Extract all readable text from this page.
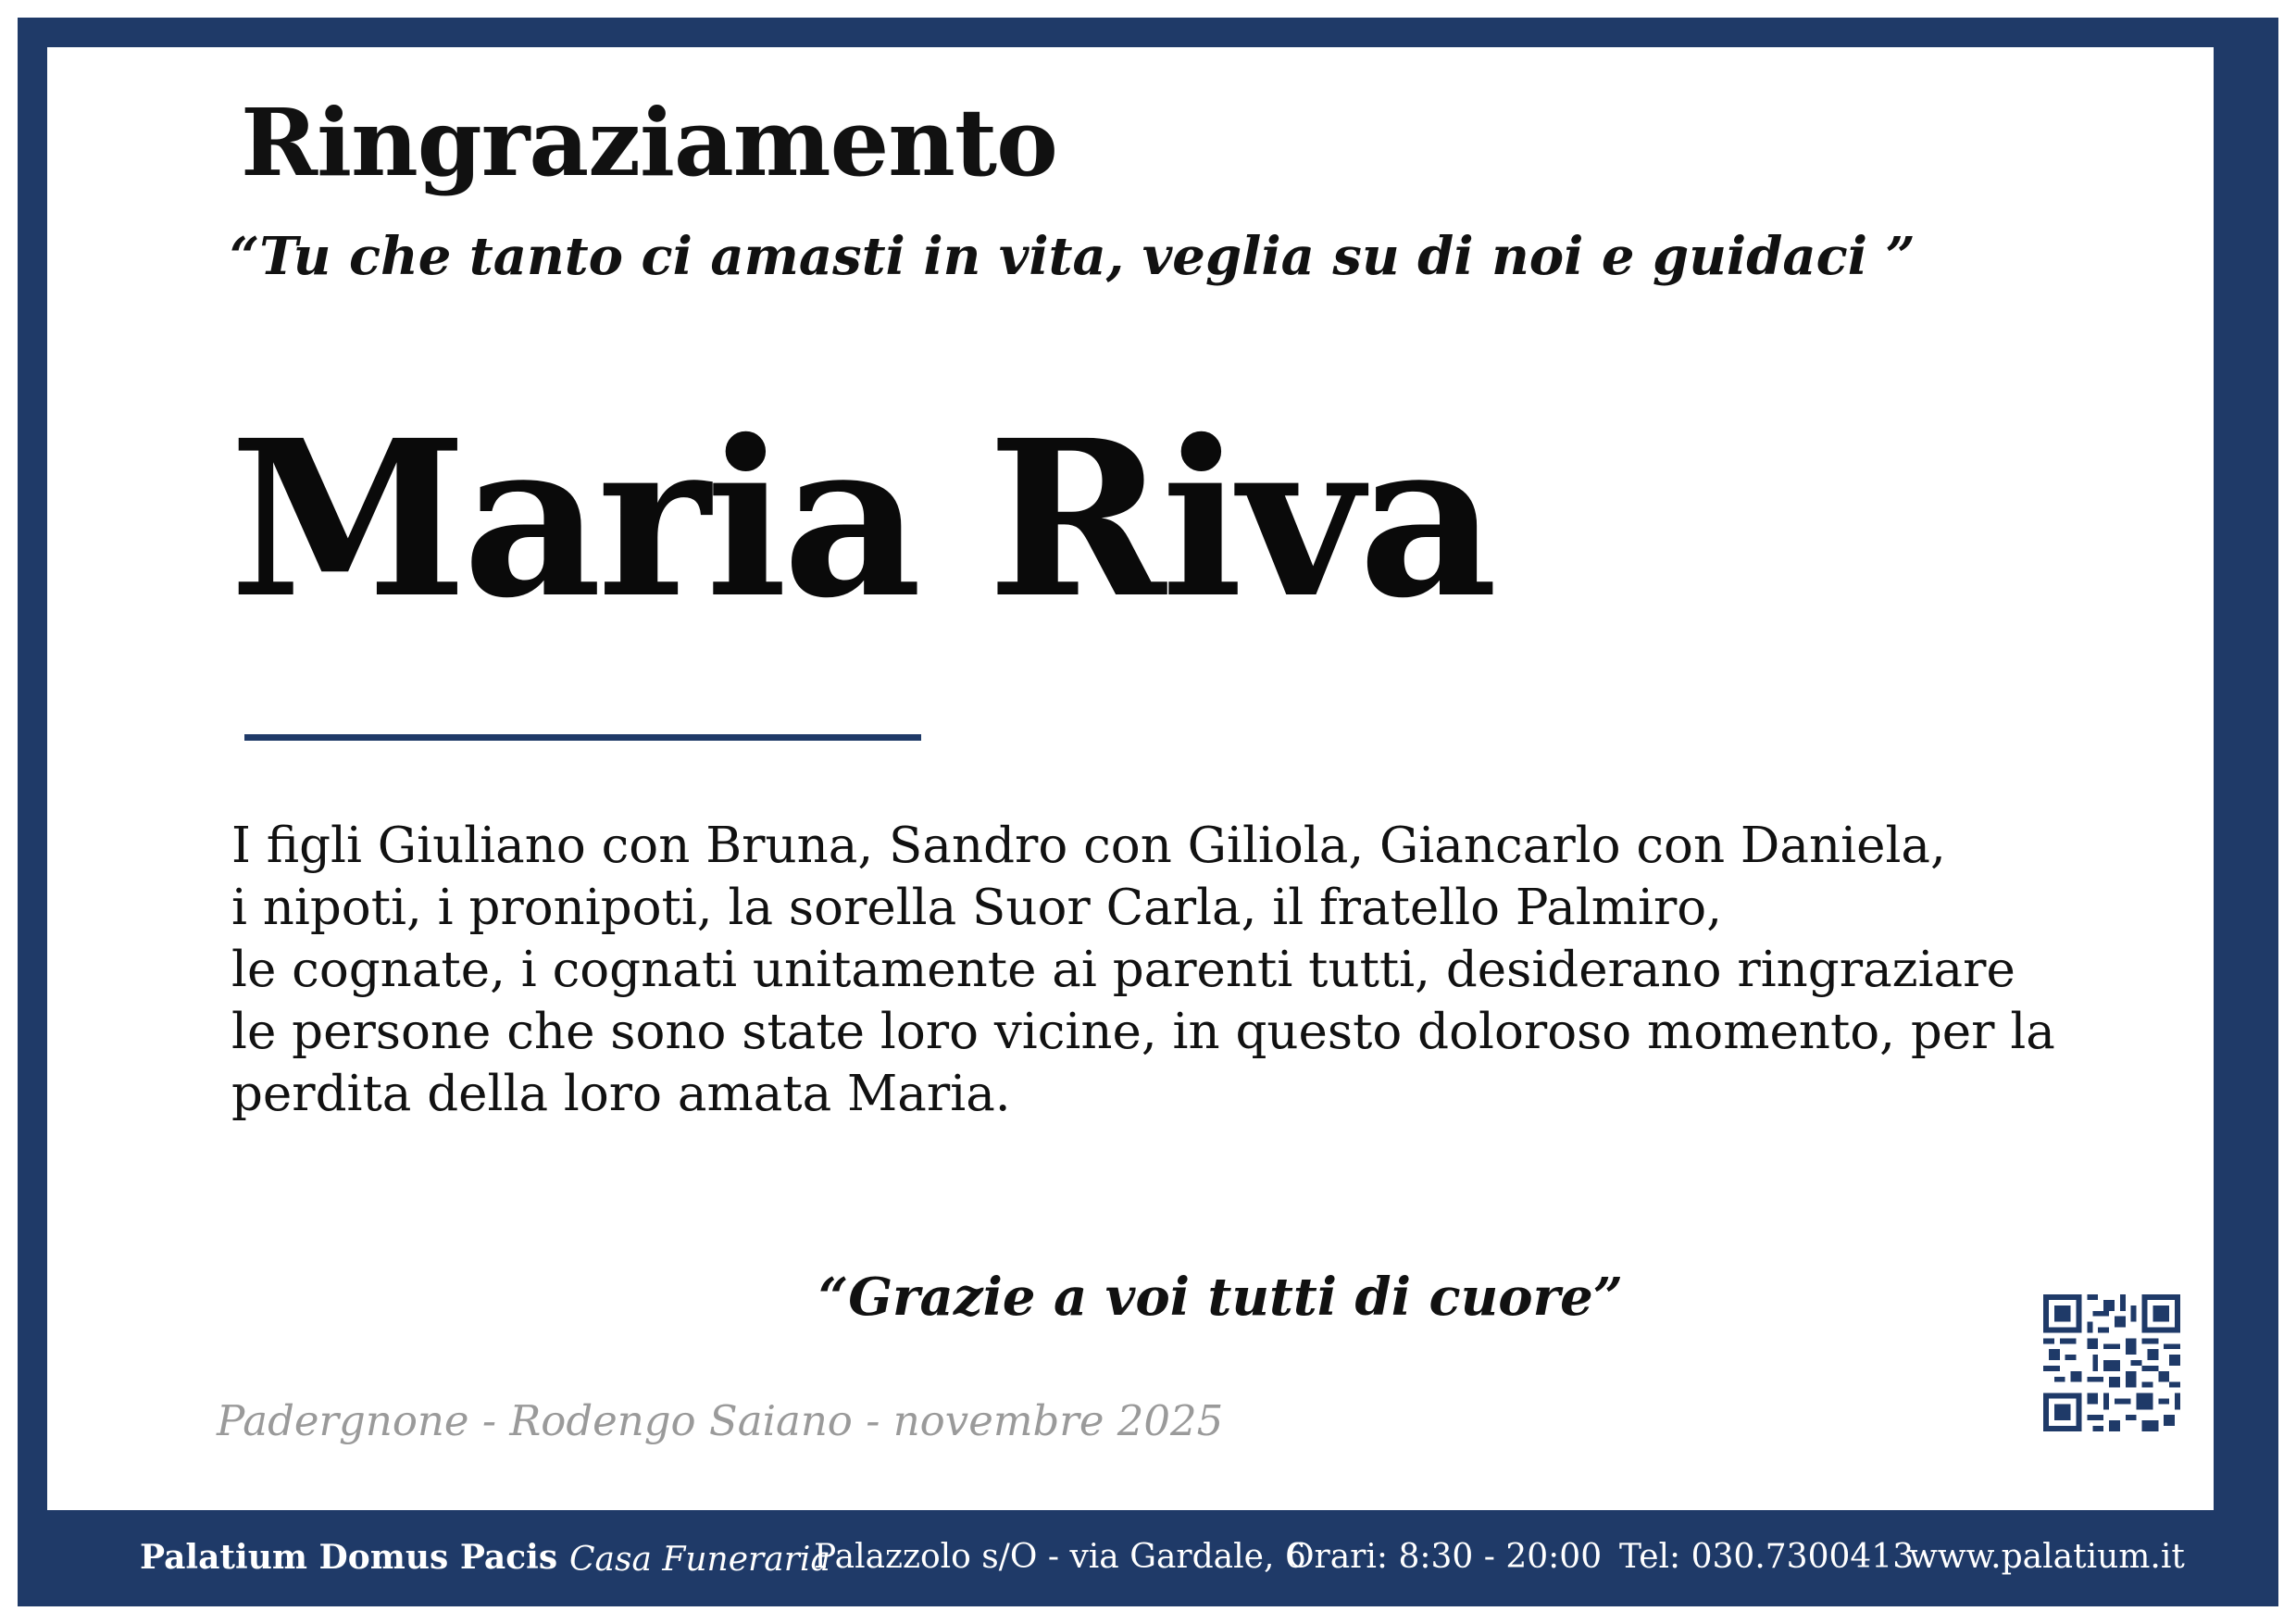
Ringraziamento

“Tu che tanto ci amasti in vita, veglia su di noi e guidaci ”

Maria Riva
I figli Giuliano con Bruna, Sandro con Giliola, Giancarlo con Daniela,
i nipoti, i pronipoti, la sorella Suor Carla, il fratello Palmiro,
le cognate, i cognati unitamente ai parenti tutti, desiderano ringraziare
le persone che sono state loro vicine, in questo doloroso momento, per la
perdita della loro amata Maria.

“Grazie a voi tutti di cuore”

Padergnone - Rodengo Saiano - novembre 2025
Palatium Domus Pacis Casa Funeraria
Palazzolo s/O - via Gardale, 6
Orari: 8:30 - 20:00 Tel: 030.7300413
www.palatium.it
